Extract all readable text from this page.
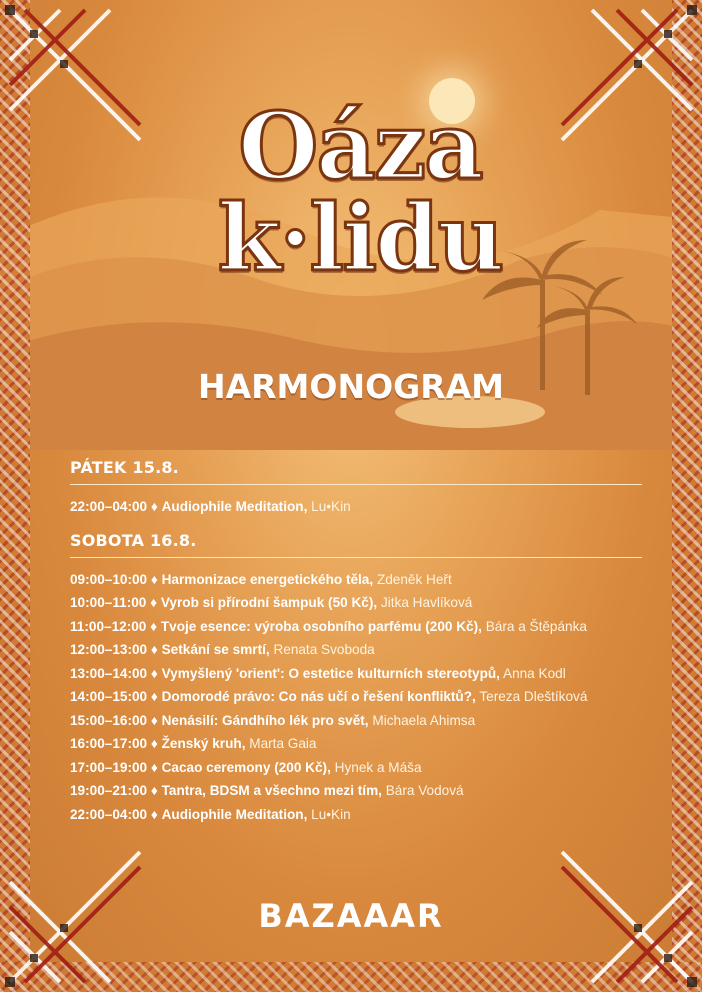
Oáza
k·lidu
HARMONOGRAM
PÁTEK 15.8.
22:00–04:00 ♦ Audiophile Meditation, Lu•Kin
SOBOTA 16.8.
09:00–10:00 ♦ Harmonizace energetického těla, Zdeněk Heřt
10:00–11:00 ♦ Vyrob si přírodní šampuk (50 Kč), Jitka Havlíková
11:00–12:00 ♦ Tvoje esence: výroba osobního parfému (200 Kč), Bára a Štěpánka
12:00–13:00 ♦ Setkání se smrtí, Renata Svoboda
13:00–14:00 ♦ Vymyšlený 'orient': O estetice kulturních stereotypů, Anna Kodl
14:00–15:00 ♦ Domorodé právo: Co nás učí o řešení konfliktů?, Tereza Dleštíková
15:00–16:00 ♦ Nenásilí: Gándhího lék pro svět, Michaela Ahimsa
16:00–17:00 ♦ Ženský kruh, Marta Gaia
17:00–19:00 ♦ Cacao ceremony (200 Kč), Hynek a Máša
19:00–21:00 ♦ Tantra, BDSM a všechno mezi tím, Bára Vodová
22:00–04:00 ♦ Audiophile Meditation, Lu•Kin
BAZAAAR
